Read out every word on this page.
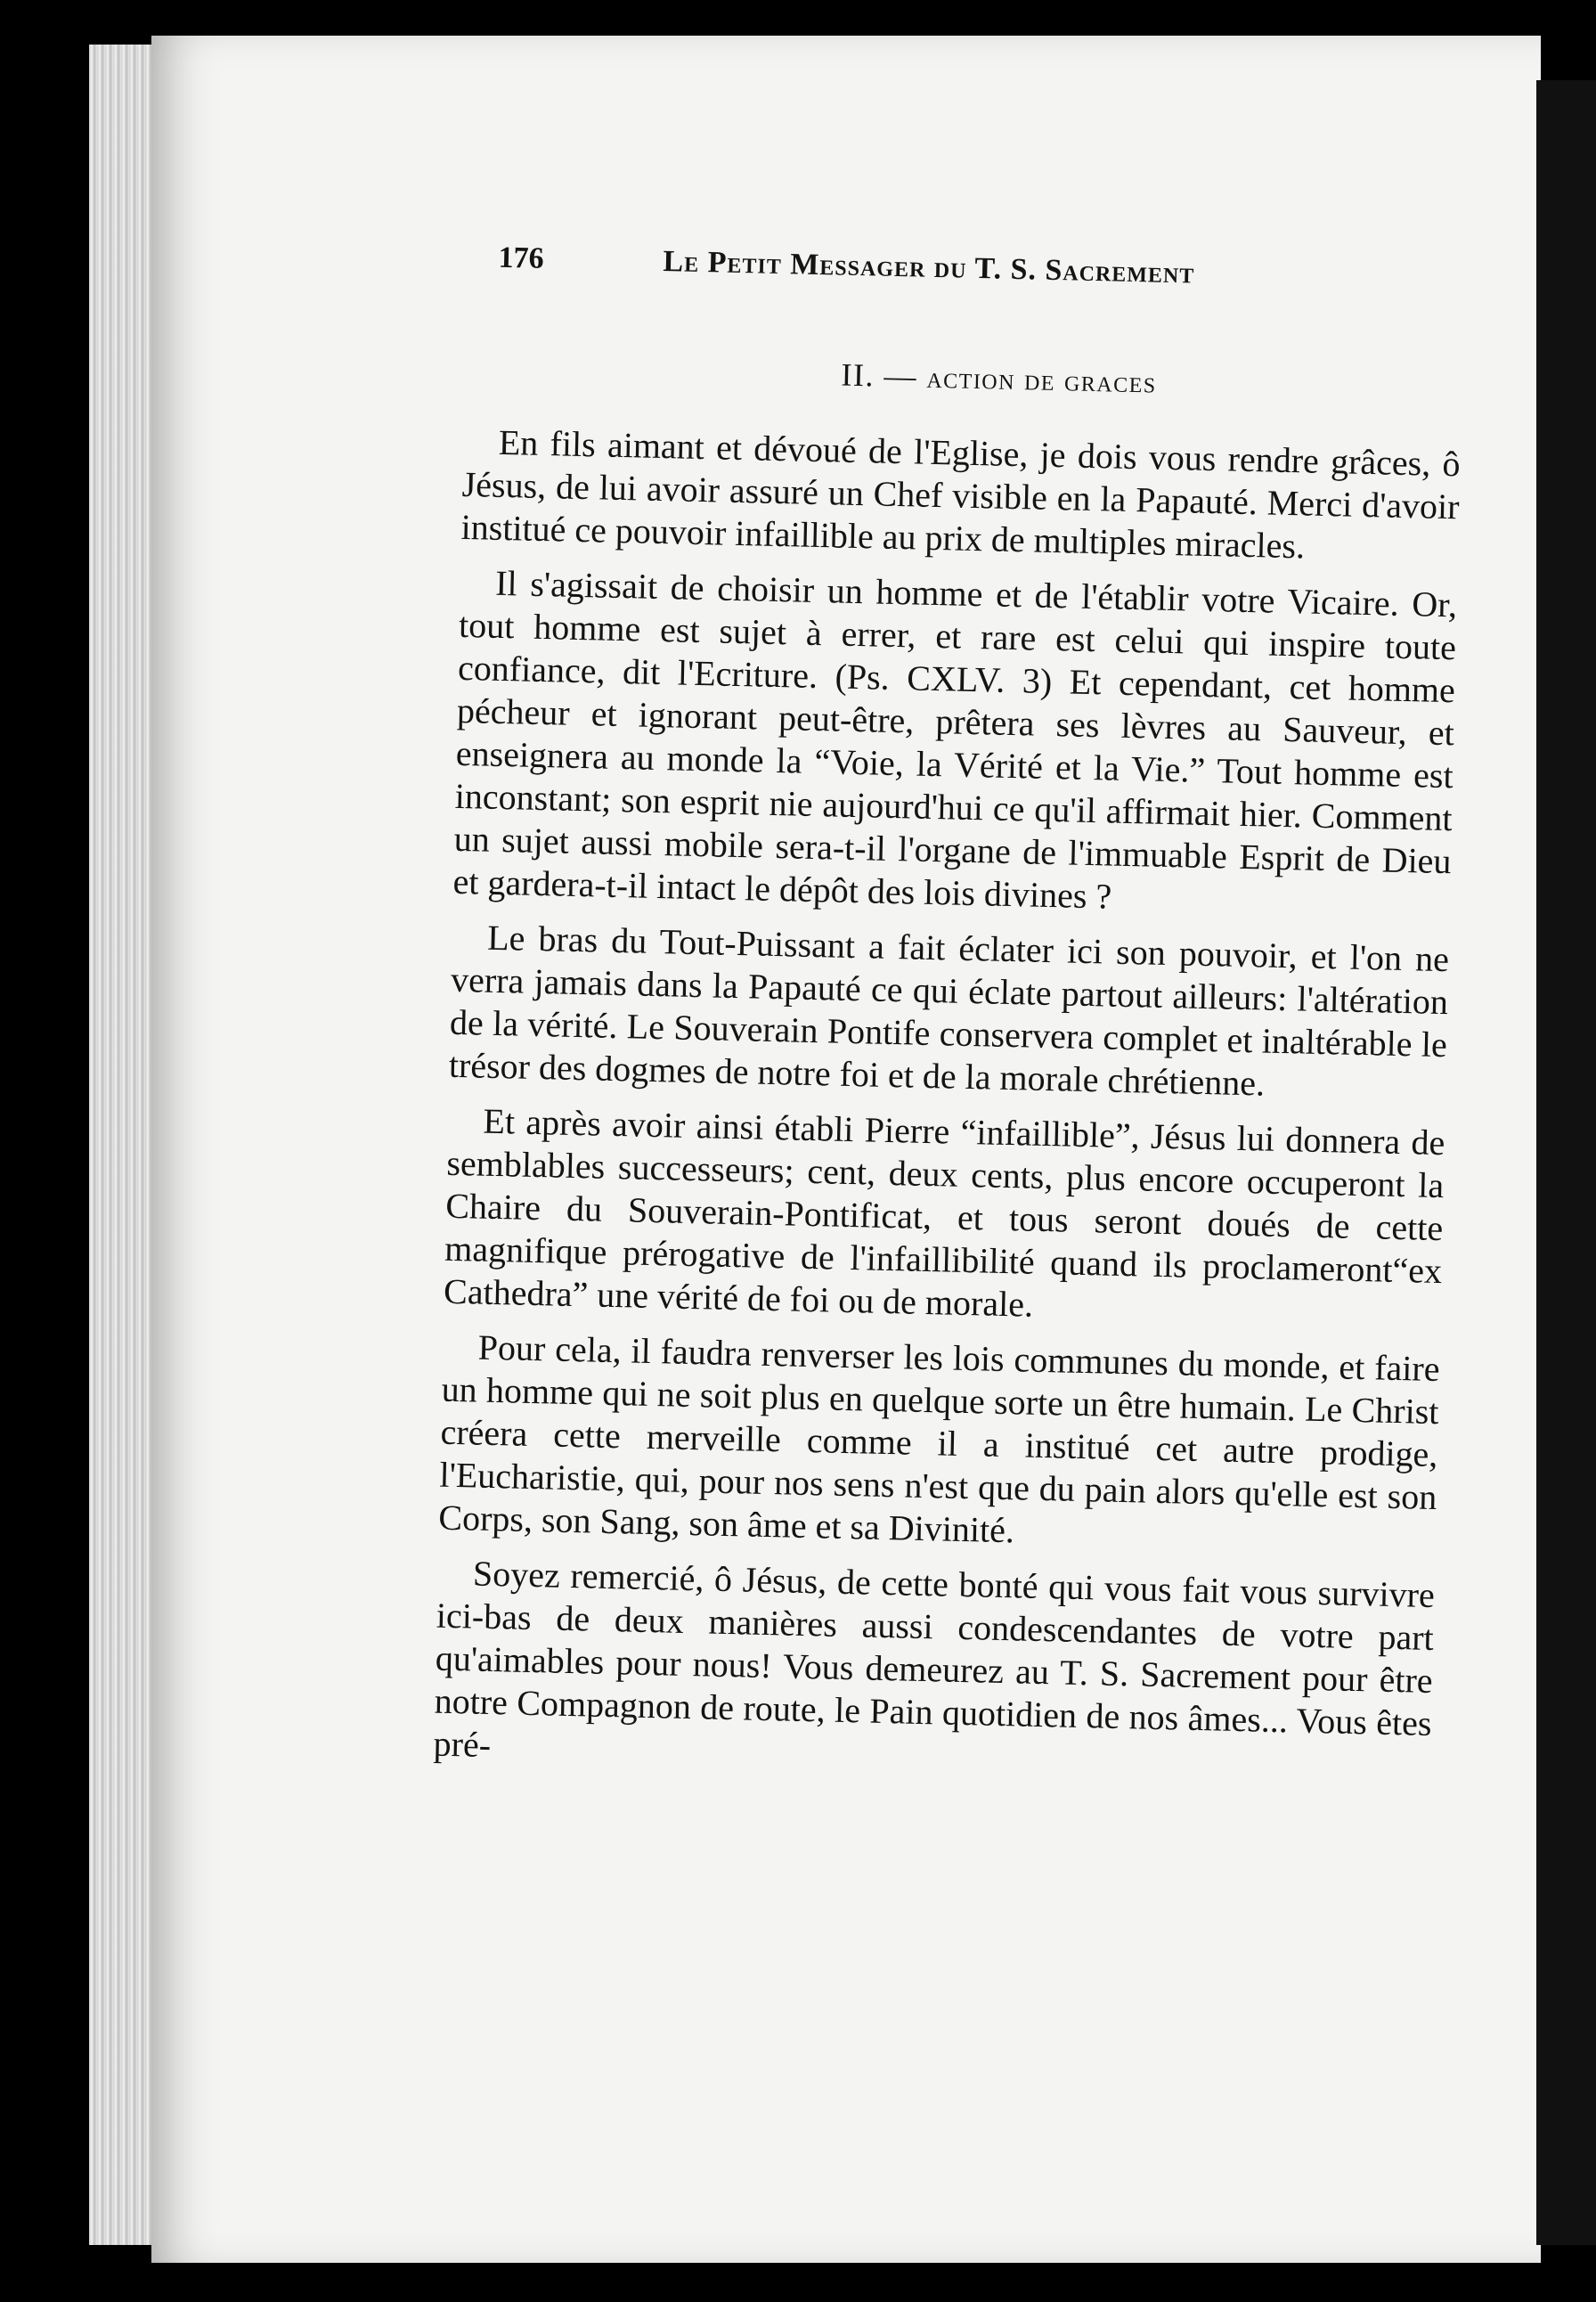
176	Le Petit Messager du T. S. Sacrement
II. — action de graces

En fils aimant et dévoué de l'Eglise, je dois vous rendre grâces, ô Jésus, de lui avoir assuré un Chef visible en la Papauté. Merci d'avoir institué ce pouvoir infaillible au prix de multiples miracles.

Il s'agissait de choisir un homme et de l'établir votre Vicaire. Or, tout homme est sujet à errer, et rare est celui qui inspire toute confiance, dit l'Ecriture. (Ps. CXLV. 3) Et cependant, cet homme pécheur et ignorant peut-être, prêtera ses lèvres au Sauveur, et enseignera au monde la “Voie, la Vérité et la Vie.” Tout homme est inconstant; son esprit nie aujourd'hui ce qu'il affirmait hier. Comment un sujet aussi mobile sera-t-il l'organe de l'immuable Esprit de Dieu et gardera-t-il intact le dépôt des lois divines ?

Le bras du Tout-Puissant a fait éclater ici son pouvoir, et l'on ne verra jamais dans la Papauté ce qui éclate partout ailleurs: l'altération de la vérité. Le Souverain Pontife conservera complet et inaltérable le trésor des dogmes de notre foi et de la morale chrétienne.

Et après avoir ainsi établi Pierre “infaillible”, Jésus lui donnera de semblables successeurs; cent, deux cents, plus encore occuperont la Chaire du Souverain-Pontificat, et tous seront doués de cette magnifique prérogative de l'infaillibilité quand ils proclameront“ex Cathedra” une vérité de foi ou de morale.

Pour cela, il faudra renverser les lois communes du monde, et faire un homme qui ne soit plus en quelque sorte un être humain. Le Christ créera cette merveille comme il a institué cet autre prodige, l'Eucharistie, qui, pour nos sens n'est que du pain alors qu'elle est son Corps, son Sang, son âme et sa Divinité.

Soyez remercié, ô Jésus, de cette bonté qui vous fait vous survivre ici-bas de deux manières aussi condescendantes de votre part qu'aimables pour nous! Vous demeurez au T. S. Sacrement pour être notre Compagnon de route, le Pain quotidien de nos âmes... Vous êtes pré-
